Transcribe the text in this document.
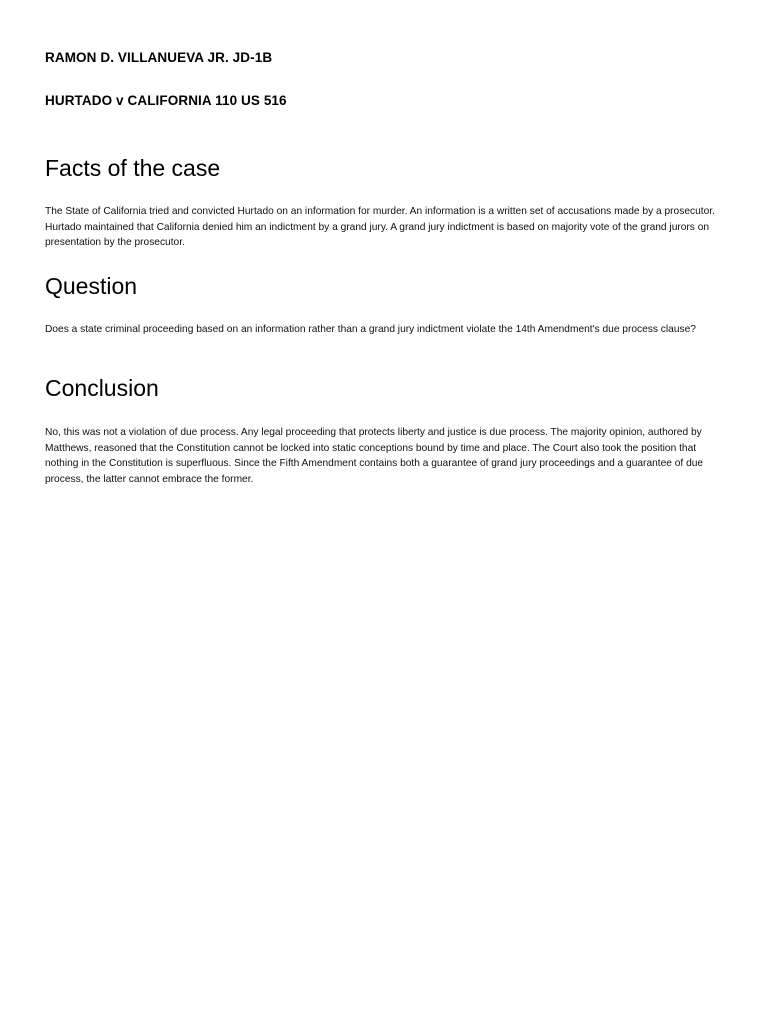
RAMON D. VILLANUEVA JR. JD-1B
HURTADO v CALIFORNIA 110 US 516
Facts of the case
The State of California tried and convicted Hurtado on an information for murder. An information is a written set of accusations made by a prosecutor. Hurtado maintained that California denied him an indictment by a grand jury. A grand jury indictment is based on majority vote of the grand jurors on presentation by the prosecutor.
Question
Does a state criminal proceeding based on an information rather than a grand jury indictment violate the 14th Amendment's due process clause?
Conclusion
No, this was not a violation of due process. Any legal proceeding that protects liberty and justice is due process. The majority opinion, authored by Matthews, reasoned that the Constitution cannot be locked into static conceptions bound by time and place. The Court also took the position that nothing in the Constitution is superfluous. Since the Fifth Amendment contains both a guarantee of grand jury proceedings and a guarantee of due process, the latter cannot embrace the former.
